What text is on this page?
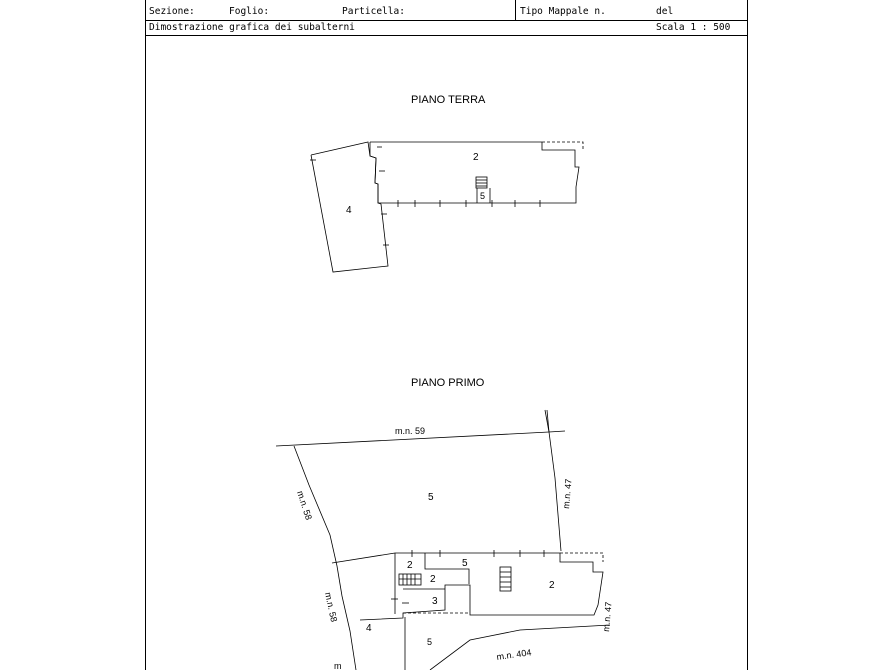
Sezione:	Foglio:	Particella:	Tipo Mappale n.	del
Dimostrazione grafica dei subalterni	Scala 1 : 500
PIANO TERRA
PIANO PRIMO
2
4
5
5
2	5
2
3
2
4
5
m.n. 59
m.n. 58	m.n. 47
m.n. 58	m.n. 47
m.n. 404
m
